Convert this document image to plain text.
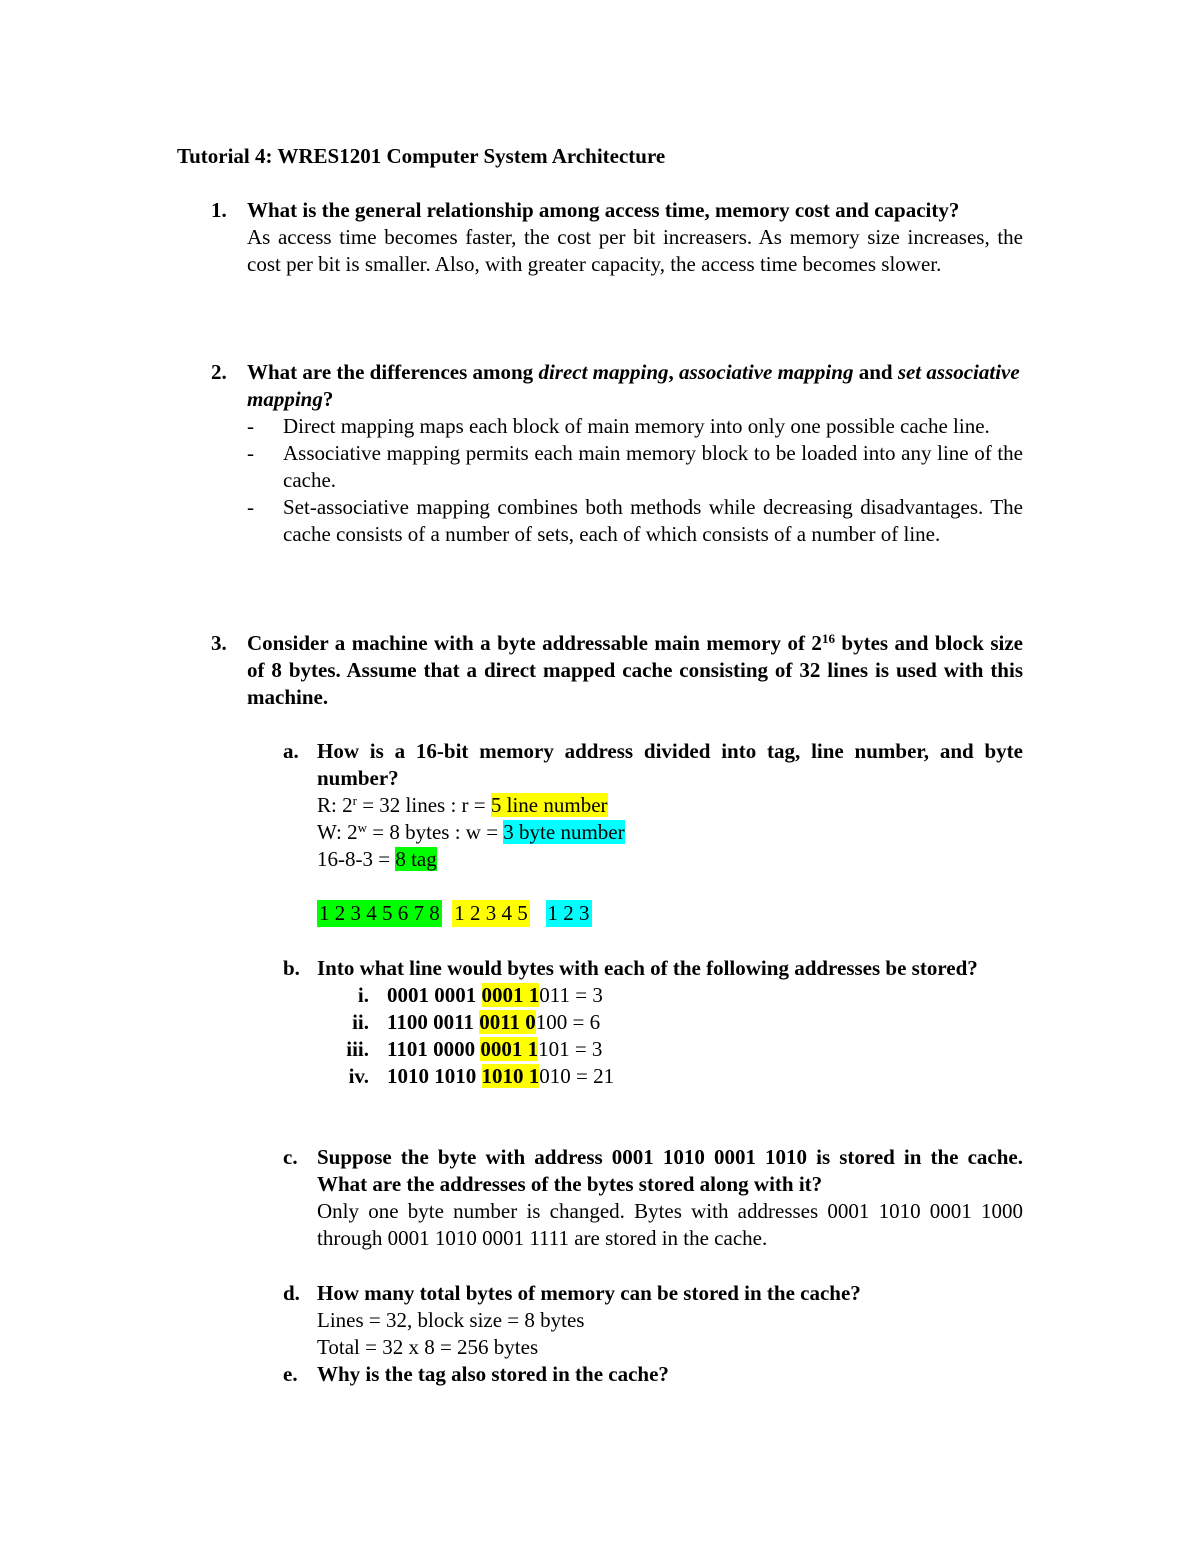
Tutorial 4: WRES1201 Computer System Architecture

1. What is the general relationship among access time, memory cost and capacity?

As access time becomes faster, the cost per bit increasers. As memory size increases, the cost per bit is smaller. Also, with greater capacity, the access time becomes slower.

2. What are the differences among direct mapping, associative mapping and set associative mapping?

- Direct mapping maps each block of main memory into only one possible cache line.
- Associative mapping permits each main memory block to be loaded into any line of the cache.
- Set-associative mapping combines both methods while decreasing disadvantages. The cache consists of a number of sets, each of which consists of a number of line.
3. Consider a machine with a byte addressable main memory of $2^{16}$ bytes and block size of 8 bytes. Assume that a direct mapped cache consisting of 32 lines is used with this machine.

a. How is a 16-bit memory address divided into tag, line number, and byte number?

R: $2^r = 32$ lines : r = 5 line number

W: $2^w = 8$ bytes : w = 3 byte number

16-8-3 = 8 tag

1 2 3 4 5 6 7 8 1 2 3 4 5 1 2 3

b. Into what line would bytes with each of the following addresses be stored?

i. 0001 0001 0001 1011 = 3
ii. 1100 0011 0011 0100 = 6
iii. 1101 0000 0001 1101 = 3
iv. 1010 1010 1010 1010 = 21
c. Suppose the byte with address 0001 1010 0001 1010 is stored in the cache. What are the addresses of the bytes stored along with it?

Only one byte number is changed. Bytes with addresses 0001 1010 0001 1000 through 0001 1010 0001 1111 are stored in the cache.

d. How many total bytes of memory can be stored in the cache?

Lines = 32, block size = 8 bytes

Total = 32 x 8 = 256 bytes

e. Why is the tag also stored in the cache?
